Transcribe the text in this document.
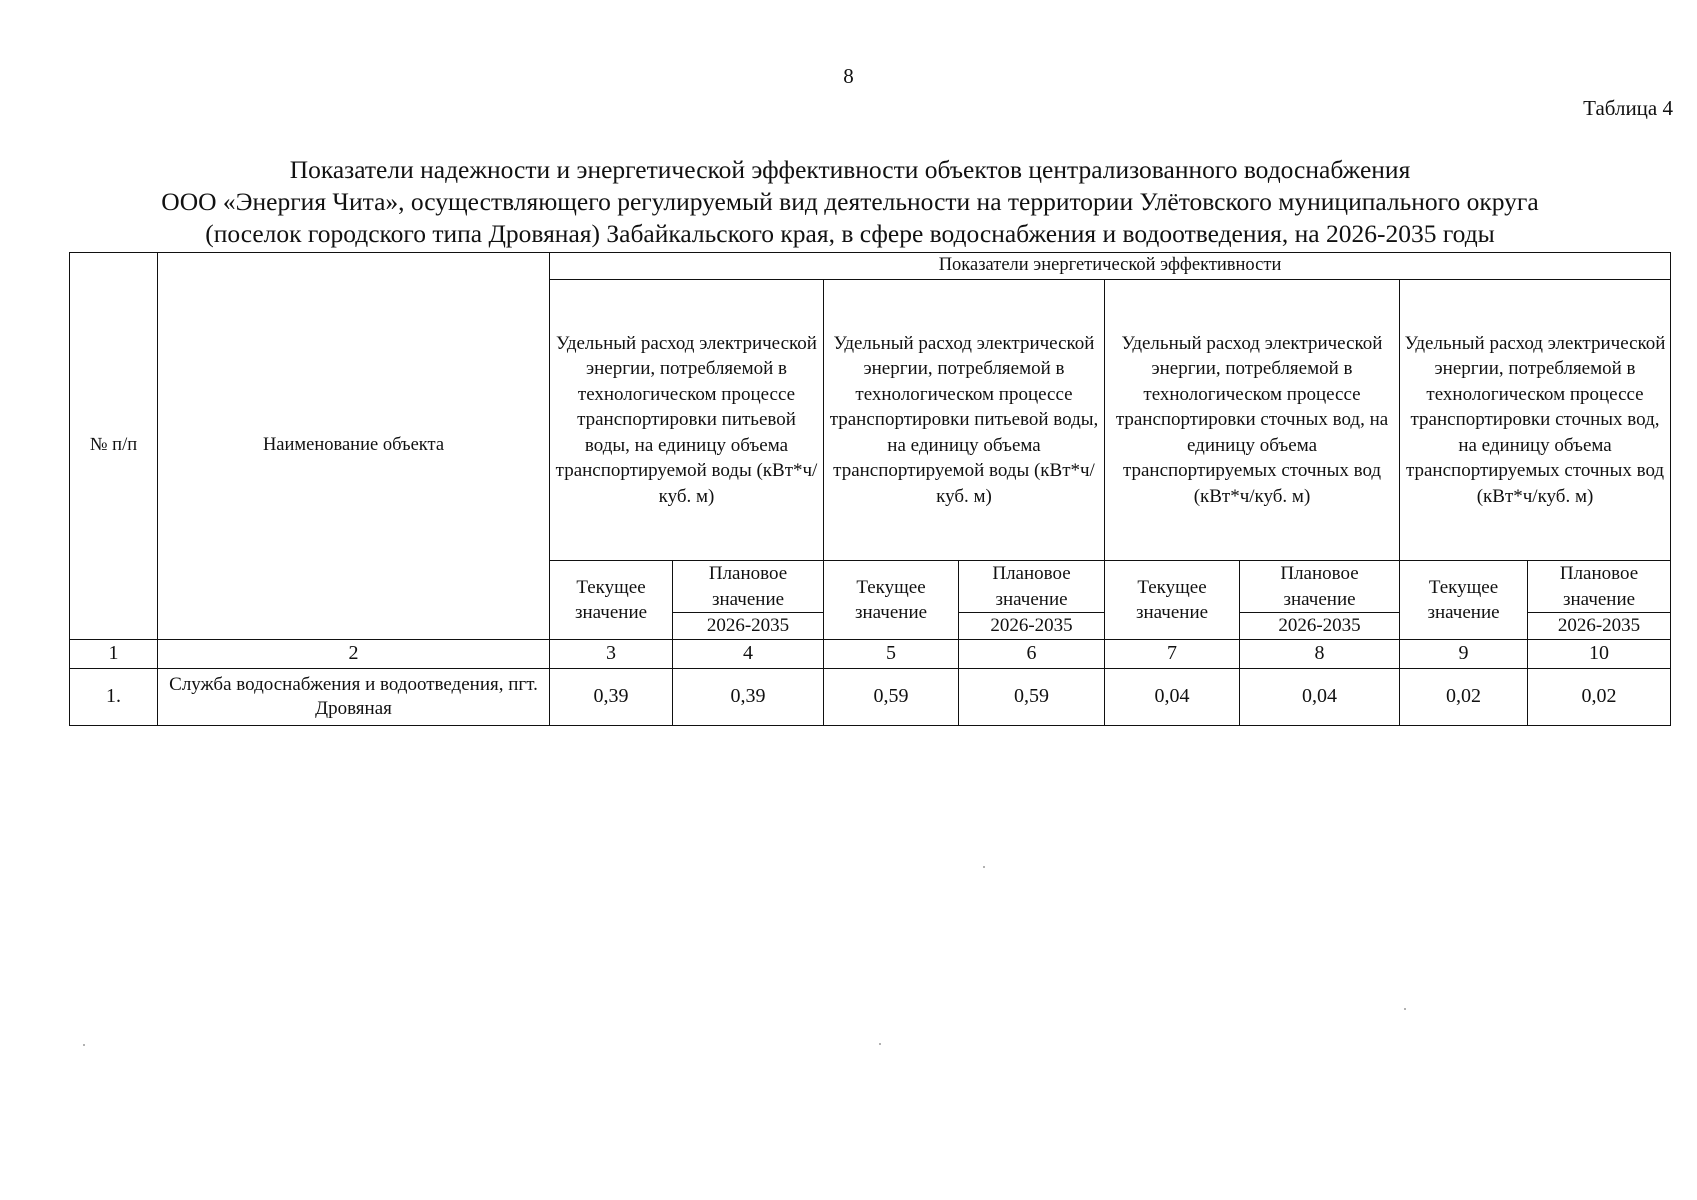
8
Таблица 4
Показатели надежности и энергетической эффективности объектов централизованного водоснабжения
ООО «Энергия Чита», осуществляющего регулируемый вид деятельности на территории Улётовского муниципального округа
(поселок городского типа Дровяная) Забайкальского края, в сфере водоснабжения и водоотведения, на 2026-2035 годы
№ п/п	Наименование объекта	Показатели энергетической эффективности							
		Удельный расход электрической энергии, потребляемой в технологическом процессе транспортировки питьевой воды, на единицу объема транспортируемой воды (кВт*ч/куб. м)		Удельный расход электрической энергии, потребляемой в технологическом процессе транспортировки питьевой воды, на единицу объема транспортируемой воды (кВт*ч/куб. м)		Удельный расход электрической энергии, потребляемой в технологическом процессе транспортировки сточных вод, на единицу объема транспортируемых сточных вод (кВт*ч/куб. м)		Удельный расход электрической энергии, потребляемой в технологическом процессе транспортировки сточных вод, на единицу объема транспортируемых сточных вод (кВт*ч/куб. м)	
		Текущее значение	Плановое значение	Текущее значение	Плановое значение	Текущее значение	Плановое значение	Текущее значение	Плановое значение
			2026-2035		2026-2035		2026-2035		2026-2035
1	2	3	4	5	6	7	8	9	10
1.	Служба водоснабжения и водоотведения, пгт. Дровяная	0,39	0,39	0,59	0,59	0,04	0,04	0,02	0,02
